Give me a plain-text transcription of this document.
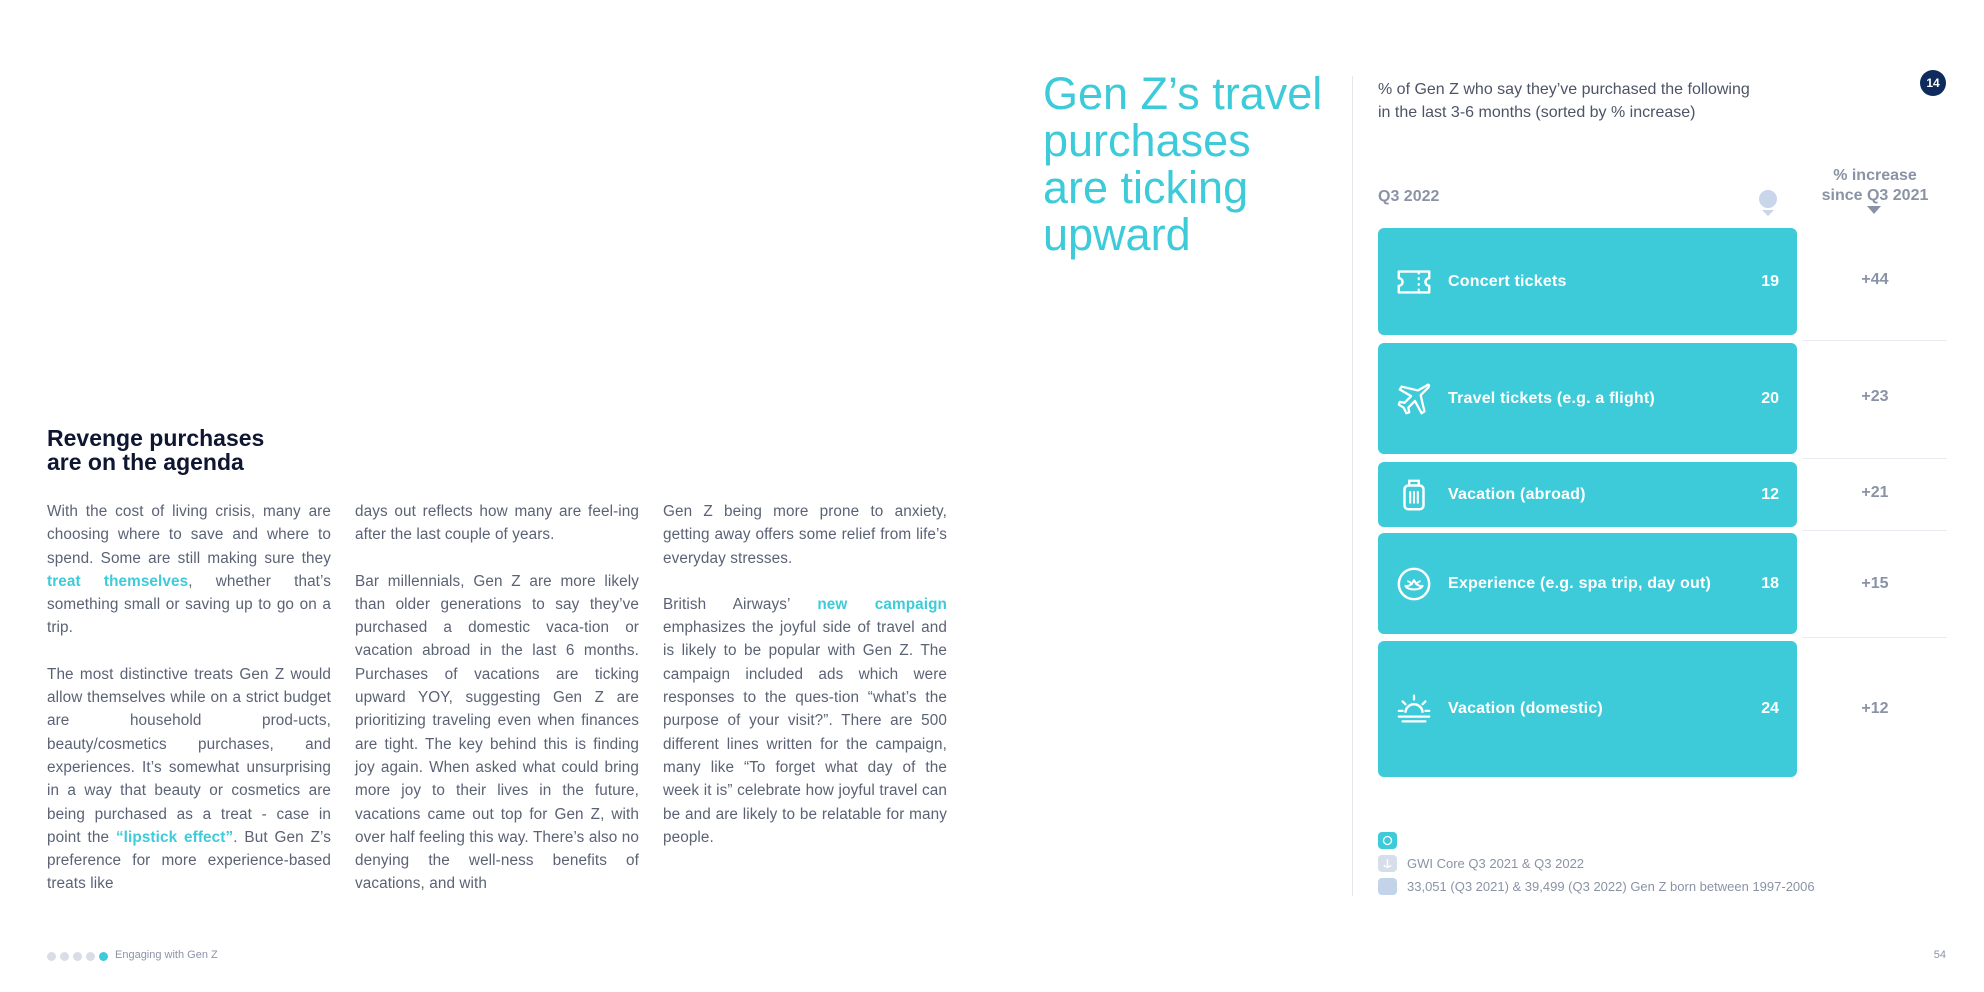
Revenge purchases
are on the agenda

With the cost of living crisis, many are choosing where to save and where to spend. Some are still making sure they treat themselves, whether that’s something small or saving up to go on a trip.

The most distinctive treats Gen Z would allow themselves while on a strict budget are household prod-ucts, beauty/cosmetics purchases, and experiences. It’s somewhat unsurprising in a way that beauty or cosmetics are being purchased as a treat - case in point the “lipstick effect”. But Gen Z’s preference for more experience-based treats like

days out reflects how many are feel-ing after the last couple of years.

Bar millennials, Gen Z are more likely than older generations to say they’ve purchased a domestic vaca-tion or vacation abroad in the last 6 months. Purchases of vacations are ticking upward YOY, suggesting Gen Z are prioritizing traveling even when finances are tight. The key behind this is finding joy again. When asked what could bring more joy to their lives in the future, vacations came out top for Gen Z, with over half feeling this way. There’s also no denying the well-ness benefits of vacations, and with

Gen Z being more prone to anxiety, getting away offers some relief from life’s everyday stresses.

British Airways’ new campaign emphasizes the joyful side of travel and is likely to be popular with Gen Z. The campaign included ads which were responses to the ques-tion “what’s the purpose of your visit?”. There are 500 different lines written for the campaign, many like “To forget what day of the week it is” celebrate how joyful travel can be and are likely to be relatable for many people.

Gen Z’s travel
purchases
are ticking
upward
% of Gen Z who say they’ve purchased the following
in the last 3-6 months (sorted by % increase)
14
Q3 2022
% increase
since Q3 2021
Concert tickets	19	+44
Travel tickets (e.g. a flight)	20	+23
Vacation (abroad)	12	+21
Experience (e.g. spa trip, day out)	18	+15
Vacation (domestic)	24	+12
GWI Core Q3 2021 & Q3 2022
33,051 (Q3 2021) & 39,499 (Q3 2022) Gen Z born between 1997-2006
Engaging with Gen Z	54
